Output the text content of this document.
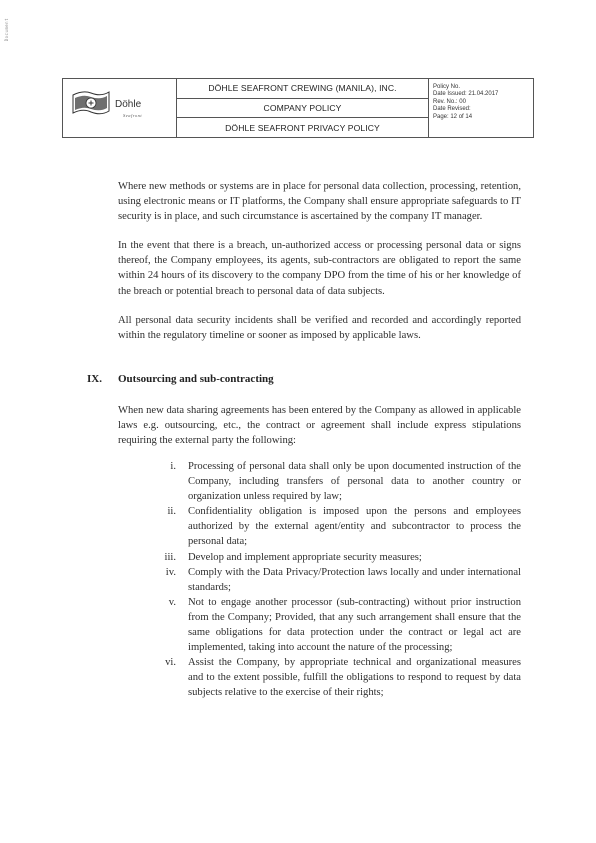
Document
Döhle
Seafront
DÖHLE SEAFRONT CREWING (MANILA), INC.
COMPANY POLICY
DÖHLE SEAFRONT PRIVACY POLICY
Policy No.
Date Issued: 21.04.2017
Rev. No.: 00
Date Revised:
Page: 12 of 14

Where new methods or systems are in place for personal data collection, processing, retention, using electronic means or IT platforms, the Company shall ensure appropriate safeguards to IT security is in place, and such circumstance is ascertained by the company IT manager.

In the event that there is a breach, un-authorized access or processing personal data or signs thereof, the Company employees, its agents, sub-contractors are obligated to report the same within 24 hours of its discovery to the company DPO from the time of his or her knowledge of the breach or potential breach to personal data of data subjects.

All personal data security incidents shall be verified and recorded and accordingly reported within the regulatory timeline or sooner as imposed by applicable laws.

IX.	Outsourcing and sub-contracting

When new data sharing agreements has been entered by the Company as allowed in applicable laws e.g. outsourcing, etc., the contract or agreement shall include express stipulations requiring the external party the following:

i. Processing of personal data shall only be upon documented instruction of the Company, including transfers of personal data to another country or organization unless required by law;
ii. Confidentiality obligation is imposed upon the persons and employees authorized by the external agent/entity and subcontractor to process the personal data;
iii. Develop and implement appropriate security measures;
iv. Comply with the Data Privacy/Protection laws locally and under international standards;
v. Not to engage another processor (sub-contracting) without prior instruction from the Company; Provided, that any such arrangement shall ensure that the same obligations for data protection under the contract or legal act are implemented, taking into account the nature of the processing;
vi. Assist the Company, by appropriate technical and organizational measures and to the extent possible, fulfill the obligations to respond to request by data subjects relative to the exercise of their rights;
